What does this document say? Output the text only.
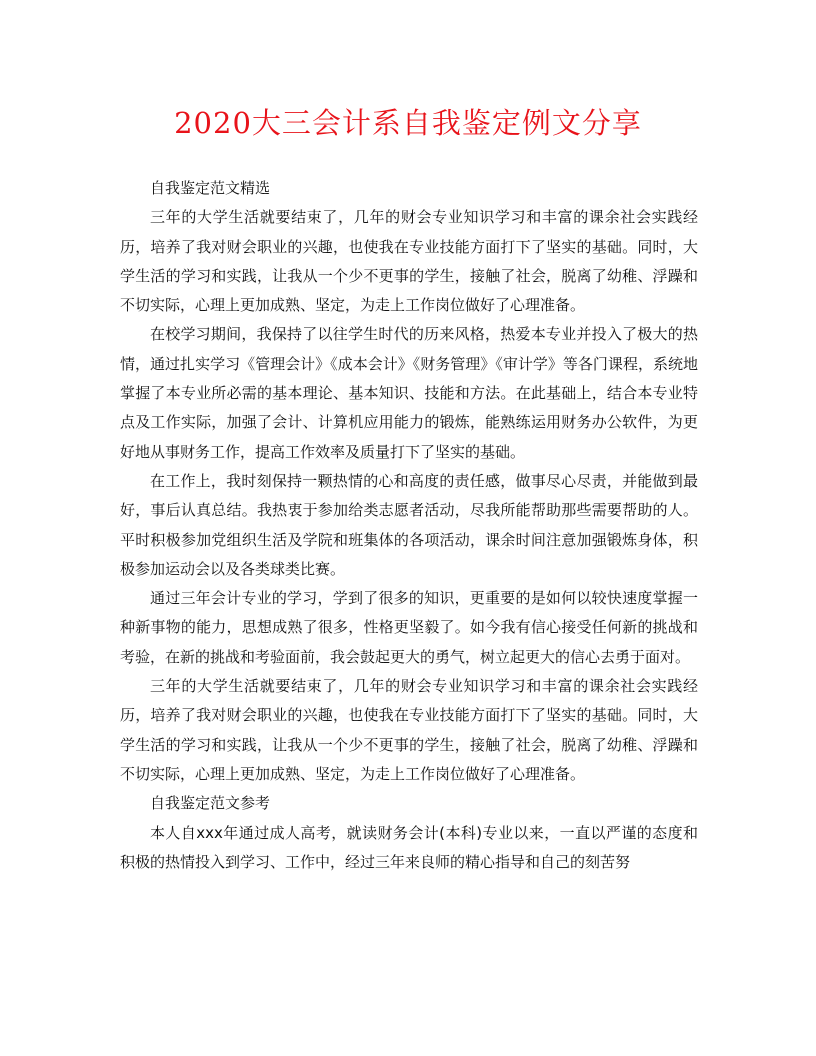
2020大三会计系自我鉴定例文分享

自我鉴定范文精选

三年的大学生活就要结束了，几年的财会专业知识学习和丰富的课余社会实践经历，培养了我对财会职业的兴趣，也使我在专业技能方面打下了坚实的基础。同时，大学生活的学习和实践，让我从一个少不更事的学生，接触了社会，脱离了幼稚、浮躁和不切实际，心理上更加成熟、坚定，为走上工作岗位做好了心理准备。

在校学习期间，我保持了以往学生时代的历来风格，热爱本专业并投入了极大的热情，通过扎实学习《管理会计》《成本会计》《财务管理》《审计学》等各门课程，系统地掌握了本专业所必需的基本理论、基本知识、技能和方法。在此基础上，结合本专业特点及工作实际，加强了会计、计算机应用能力的锻炼，能熟练运用财务办公软件，为更好地从事财务工作，提高工作效率及质量打下了坚实的基础。

在工作上，我时刻保持一颗热情的心和高度的责任感，做事尽心尽责，并能做到最好，事后认真总结。我热衷于参加给类志愿者活动，尽我所能帮助那些需要帮助的人。平时积极参加党组织生活及学院和班集体的各项活动，课余时间注意加强锻炼身体，积极参加运动会以及各类球类比赛。

通过三年会计专业的学习，学到了很多的知识，更重要的是如何以较快速度掌握一种新事物的能力，思想成熟了很多，性格更坚毅了。如今我有信心接受任何新的挑战和考验，在新的挑战和考验面前，我会鼓起更大的勇气，树立起更大的信心去勇于面对。

三年的大学生活就要结束了，几年的财会专业知识学习和丰富的课余社会实践经历，培养了我对财会职业的兴趣，也使我在专业技能方面打下了坚实的基础。同时，大学生活的学习和实践，让我从一个少不更事的学生，接触了社会，脱离了幼稚、浮躁和不切实际，心理上更加成熟、坚定，为走上工作岗位做好了心理准备。

自我鉴定范文参考

本人自xxx年通过成人高考，就读财务会计(本科)专业以来，一直以严谨的态度和积极的热情投入到学习、工作中，经过三年来良师的精心指导和自己的刻苦努
